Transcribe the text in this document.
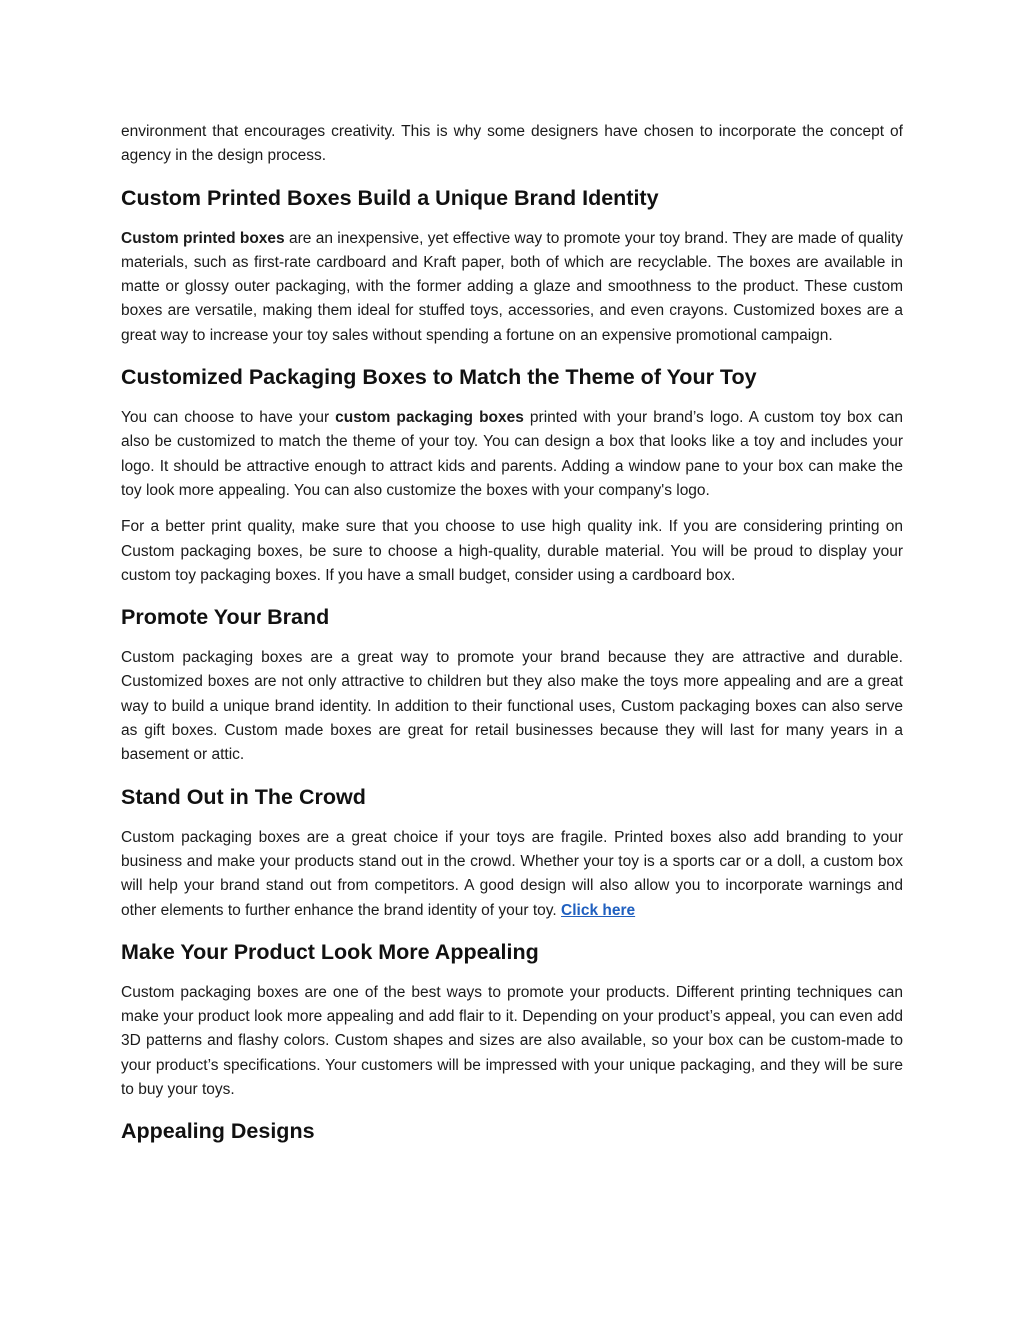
environment that encourages creativity. This is why some designers have chosen to incorporate the concept of agency in the design process.

Custom Printed Boxes Build a Unique Brand Identity

Custom printed boxes are an inexpensive, yet effective way to promote your toy brand. They are made of quality materials, such as first-rate cardboard and Kraft paper, both of which are recyclable. The boxes are available in matte or glossy outer packaging, with the former adding a glaze and smoothness to the product. These custom boxes are versatile, making them ideal for stuffed toys, accessories, and even crayons. Customized boxes are a great way to increase your toy sales without spending a fortune on an expensive promotional campaign.

Customized Packaging Boxes to Match the Theme of Your Toy

You can choose to have your custom packaging boxes printed with your brand’s logo. A custom toy box can also be customized to match the theme of your toy. You can design a box that looks like a toy and includes your logo. It should be attractive enough to attract kids and parents. Adding a window pane to your box can make the toy look more appealing. You can also customize the boxes with your company's logo.

For a better print quality, make sure that you choose to use high quality ink. If you are considering printing on Custom packaging boxes, be sure to choose a high-quality, durable material. You will be proud to display your custom toy packaging boxes. If you have a small budget, consider using a cardboard box.

Promote Your Brand

Custom packaging boxes are a great way to promote your brand because they are attractive and durable. Customized boxes are not only attractive to children but they also make the toys more appealing and are a great way to build a unique brand identity. In addition to their functional uses, Custom packaging boxes can also serve as gift boxes. Custom made boxes are great for retail businesses because they will last for many years in a basement or attic.

Stand Out in The Crowd

Custom packaging boxes are a great choice if your toys are fragile. Printed boxes also add branding to your business and make your products stand out in the crowd. Whether your toy is a sports car or a doll, a custom box will help your brand stand out from competitors. A good design will also allow you to incorporate warnings and other elements to further enhance the brand identity of your toy. Click here

Make Your Product Look More Appealing

Custom packaging boxes are one of the best ways to promote your products. Different printing techniques can make your product look more appealing and add flair to it. Depending on your product’s appeal, you can even add 3D patterns and flashy colors. Custom shapes and sizes are also available, so your box can be custom-made to your product’s specifications. Your customers will be impressed with your unique packaging, and they will be sure to buy your toys.

Appealing Designs
